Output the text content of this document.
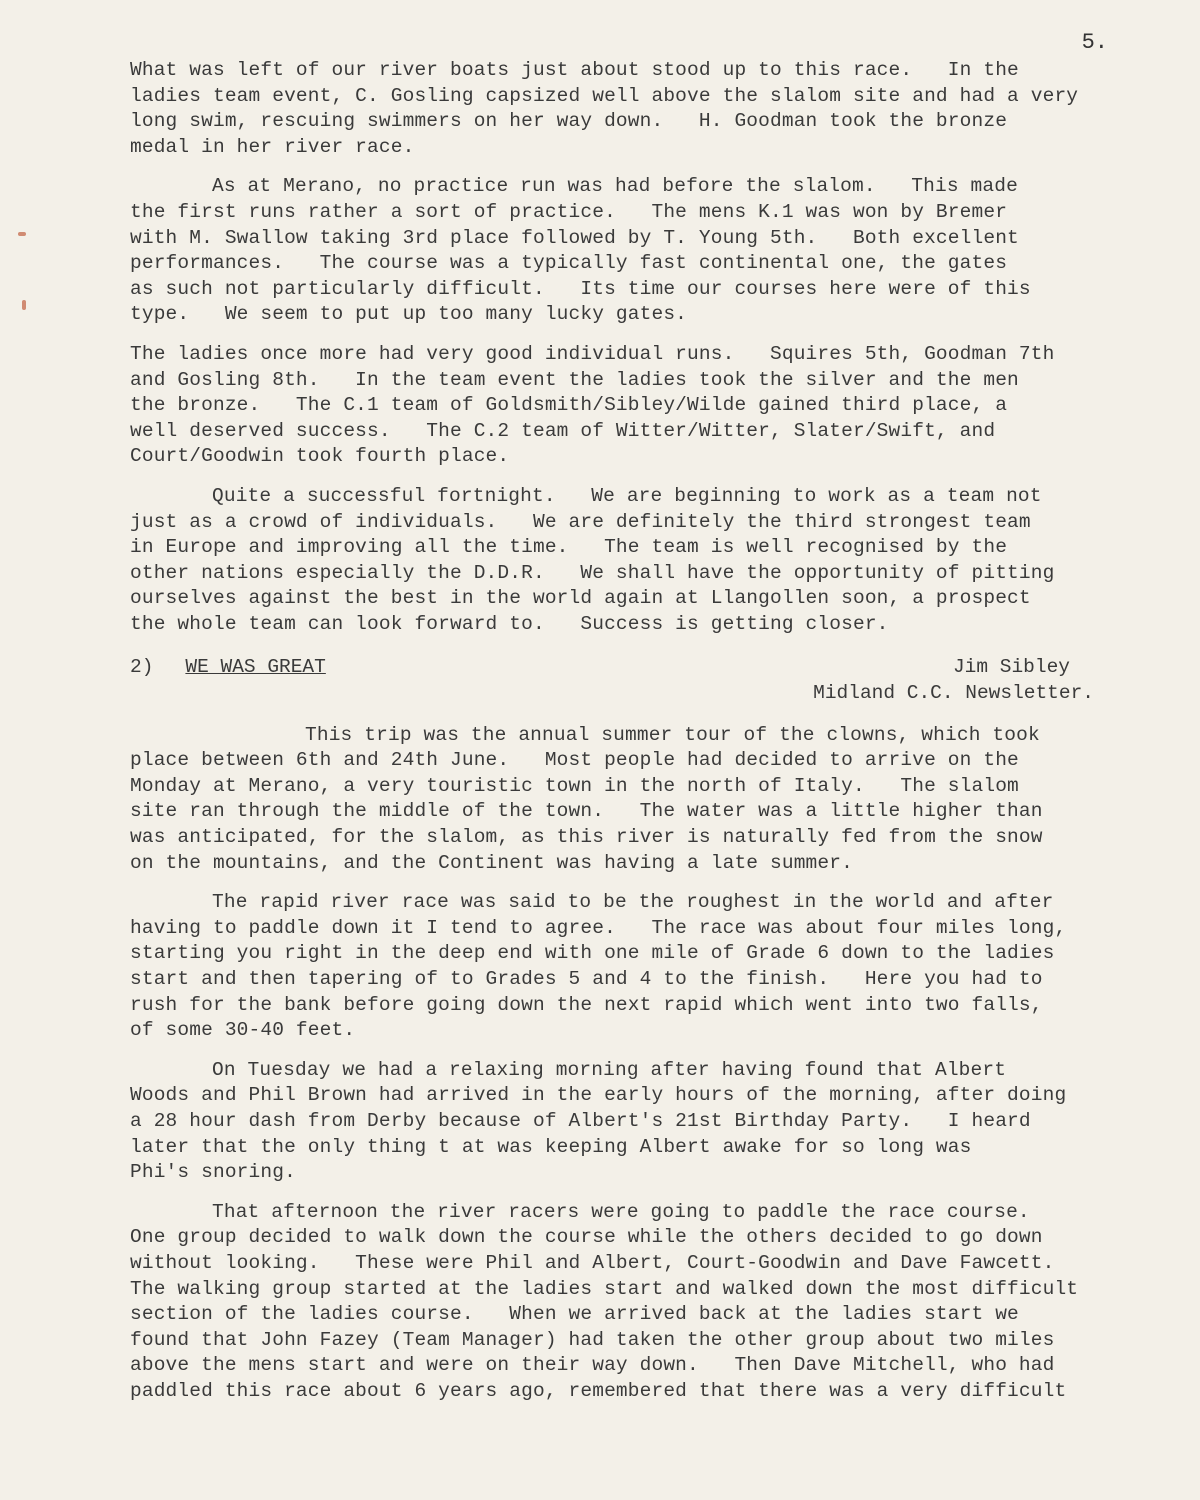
5.

What was left of our river boats just about stood up to this race.   In the
ladies team event, C. Gosling capsized well above the slalom site and had a very
long swim, rescuing swimmers on her way down.   H. Goodman took the bronze
medal in her river race.

As at Merano, no practice run was had before the slalom.   This made
the first runs rather a sort of practice.   The mens K.1 was won by Bremer
with M. Swallow taking 3rd place followed by T. Young 5th.   Both excellent
performances.   The course was a typically fast continental one, the gates
as such not particularly difficult.   Its time our courses here were of this
type.   We seem to put up too many lucky gates.

The ladies once more had very good individual runs.   Squires 5th, Goodman 7th
and Gosling 8th.   In the team event the ladies took the silver and the men
the bronze.   The C.1 team of Goldsmith/Sibley/Wilde gained third place, a
well deserved success.   The C.2 team of Witter/Witter, Slater/Swift, and
Court/Goodwin took fourth place.

Quite a successful fortnight.   We are beginning to work as a team not
just as a crowd of individuals.   We are definitely the third strongest team
in Europe and improving all the time.   The team is well recognised by the
other nations especially the D.D.R.   We shall have the opportunity of pitting
ourselves against the best in the world again at Llangollen soon, a prospect
the whole team can look forward to.   Success is getting closer.

2) WE WAS GREAT	Jim Sibley
Midland C.C. Newsletter.

This trip was the annual summer tour of the clowns, which took
place between 6th and 24th June.   Most people had decided to arrive on the
Monday at Merano, a very touristic town in the north of Italy.   The slalom
site ran through the middle of the town.   The water was a little higher than
was anticipated, for the slalom, as this river is naturally fed from the snow
on the mountains, and the Continent was having a late summer.

The rapid river race was said to be the roughest in the world and after
having to paddle down it I tend to agree.   The race was about four miles long,
starting you right in the deep end with one mile of Grade 6 down to the ladies
start and then tapering of to Grades 5 and 4 to the finish.   Here you had to
rush for the bank before going down the next rapid which went into two falls,
of some 30-40 feet.

On Tuesday we had a relaxing morning after having found that Albert
Woods and Phil Brown had arrived in the early hours of the morning, after doing
a 28 hour dash from Derby because of Albert's 21st Birthday Party.   I heard
later that the only thing t at was keeping Albert awake for so long was
Phi's snoring.

That afternoon the river racers were going to paddle the race course.
One group decided to walk down the course while the others decided to go down
without looking.   These were Phil and Albert, Court-Goodwin and Dave Fawcett.
The walking group started at the ladies start and walked down the most difficult
section of the ladies course.   When we arrived back at the ladies start we
found that John Fazey (Team Manager) had taken the other group about two miles
above the mens start and were on their way down.   Then Dave Mitchell, who had
paddled this race about 6 years ago, remembered that there was a very difficult
